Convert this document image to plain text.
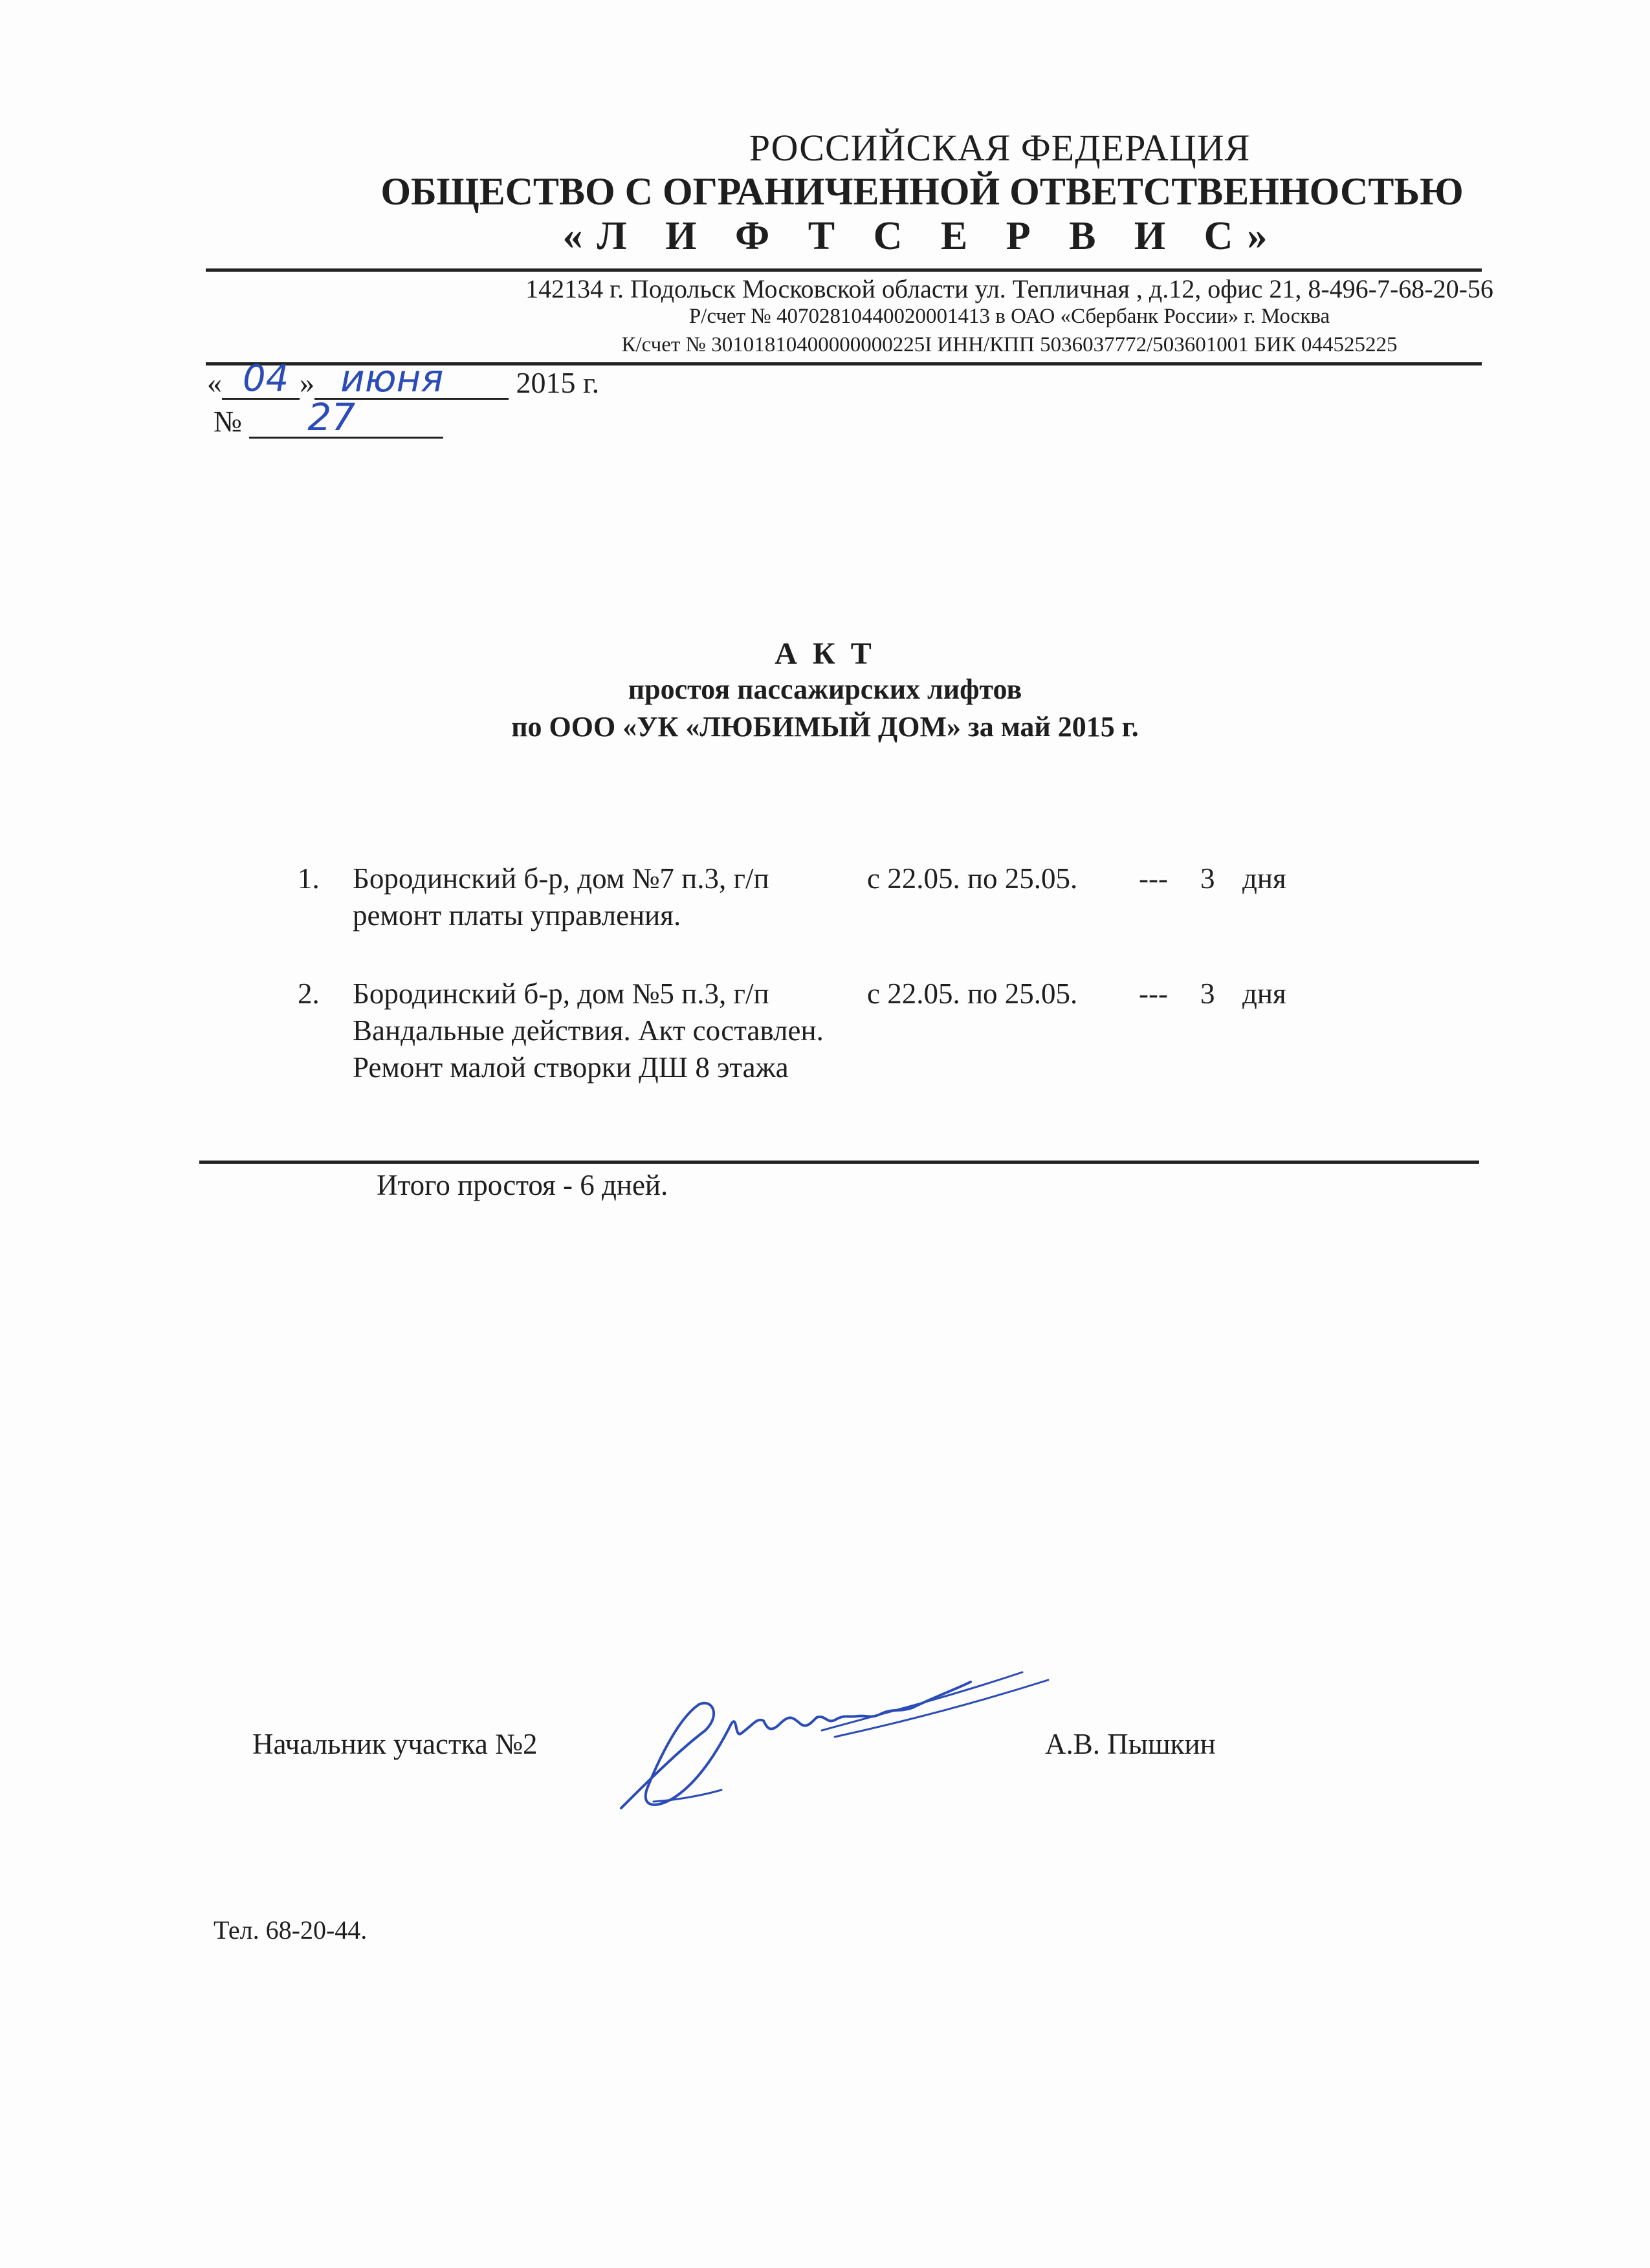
РОССИЙСКАЯ ФЕДЕРАЦИЯ
ОБЩЕСТВО С ОГРАНИЧЕННОЙ ОТВЕТСТВЕННОСТЬЮ
«Л И Ф Т С Е Р В И С»
142134 г. Подольск Московской области ул. Тепличная , д.12, офис 21, 8-496-7-68-20-56
Р/счет № 40702810440020001413 в ОАО «Сбербанк России» г. Москва
К/счет № 30101810400000000225I ИНН/КПП 5036037772/503601001 БИК 044525225
« 04 » июня 2015 г.
№ 27
А К Т
простоя пассажирских лифтов
по ООО «УК «ЛЮБИМЫЙ ДОМ» за май 2015 г.
1. Бородинский б-р, дом №7 п.3, г/п	с 22.05. по 25.05. --- 3 дня
ремонт платы управления.
2. Бородинский б-р, дом №5 п.3, г/п	с 22.05. по 25.05. --- 3 дня
Вандальные действия. Акт составлен.
Ремонт малой створки ДШ 8 этажа
Итого простоя - 6 дней.
Начальник участка №2	А.В. Пышкин
Тел. 68-20-44.
